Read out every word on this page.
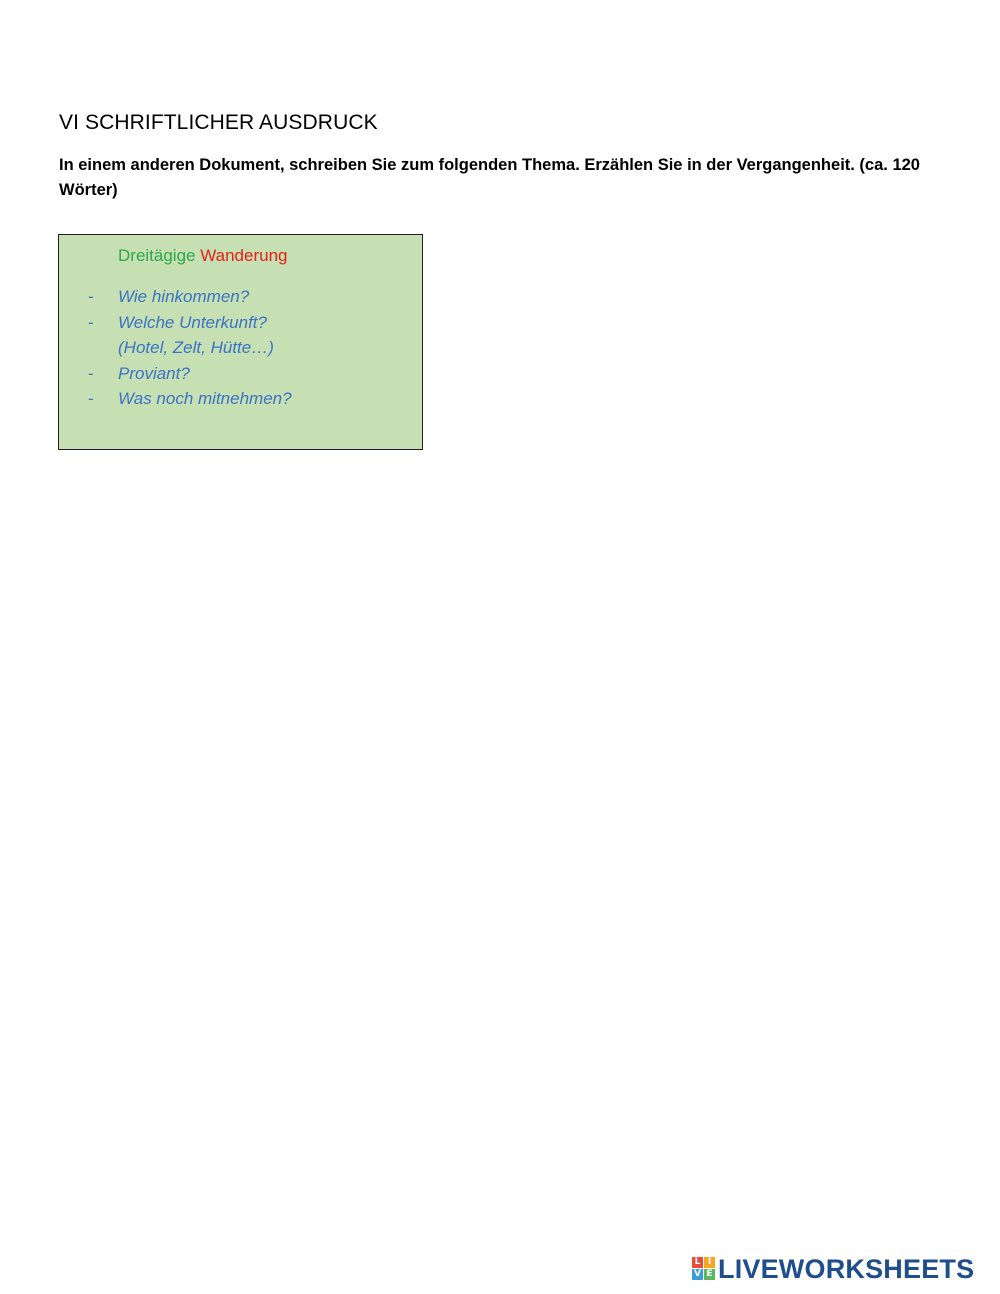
VI SCHRIFTLICHER AUSDRUCK

In einem anderen Dokument, schreiben Sie zum folgenden Thema. Erzählen Sie in der Vergangenheit. (ca. 120 Wörter)

Dreitägige Wanderung
-	Wie hinkommen?
-	Welche Unterkunft?
(Hotel, Zelt, Hütte…)
-	Proviant?
-	Was noch mitnehmen?
L I
V E LIVEWORKSHEETS
